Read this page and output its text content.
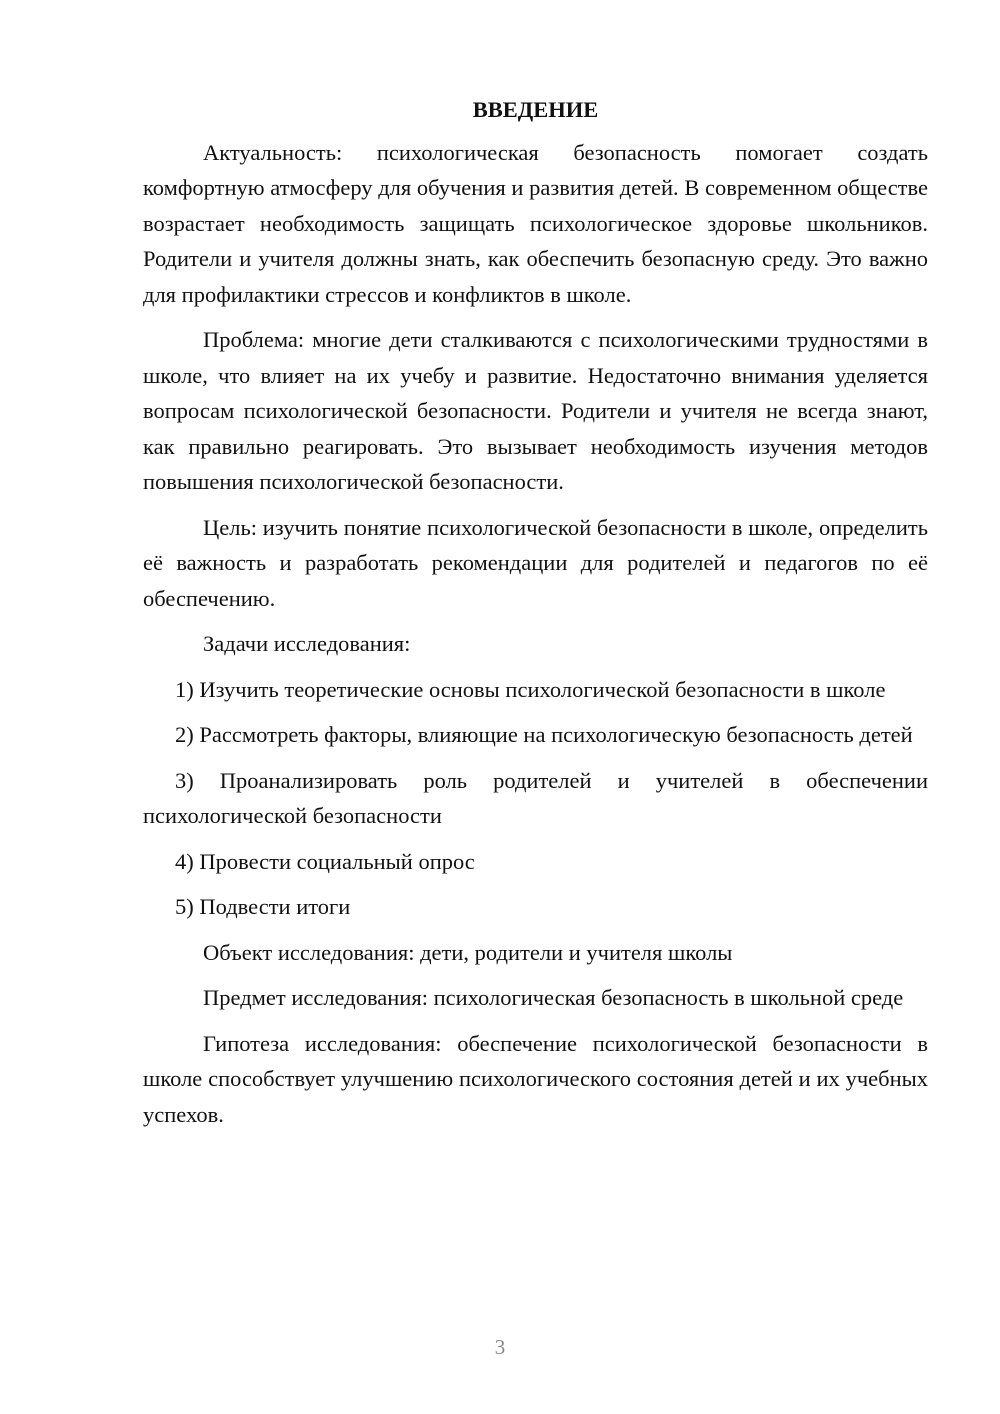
ВВЕДЕНИЕ

Актуальность: психологическая безопасность помогает создать комфортную атмосферу для обучения и развития детей. В современном обществе возрастает необходимость защищать психологическое здоровье школьников. Родители и учителя должны знать, как обеспечить безопасную среду. Это важно для профилактики стрессов и конфликтов в школе.

Проблема: многие дети сталкиваются с психологическими трудностями в школе, что влияет на их учебу и развитие. Недостаточно внимания уделяется вопросам психологической безопасности. Родители и учителя не всегда знают, как правильно реагировать. Это вызывает необходимость изучения методов повышения психологической безопасности.

Цель: изучить понятие психологической безопасности в школе, определить её важность и разработать рекомендации для родителей и педагогов по её обеспечению.

Задачи исследования:

1) Изучить теоретические основы психологической безопасности в школе

2) Рассмотреть факторы, влияющие на психологическую безопасность детей

3) Проанализировать роль родителей и учителей в обеспечении психологической безопасности

4) Провести социальный опрос

5) Подвести итоги

Объект исследования: дети, родители и учителя школы

Предмет исследования: психологическая безопасность в школьной среде

Гипотеза исследования: обеспечение психологической безопасности в школе способствует улучшению психологического состояния детей и их учебных успехов.

3
